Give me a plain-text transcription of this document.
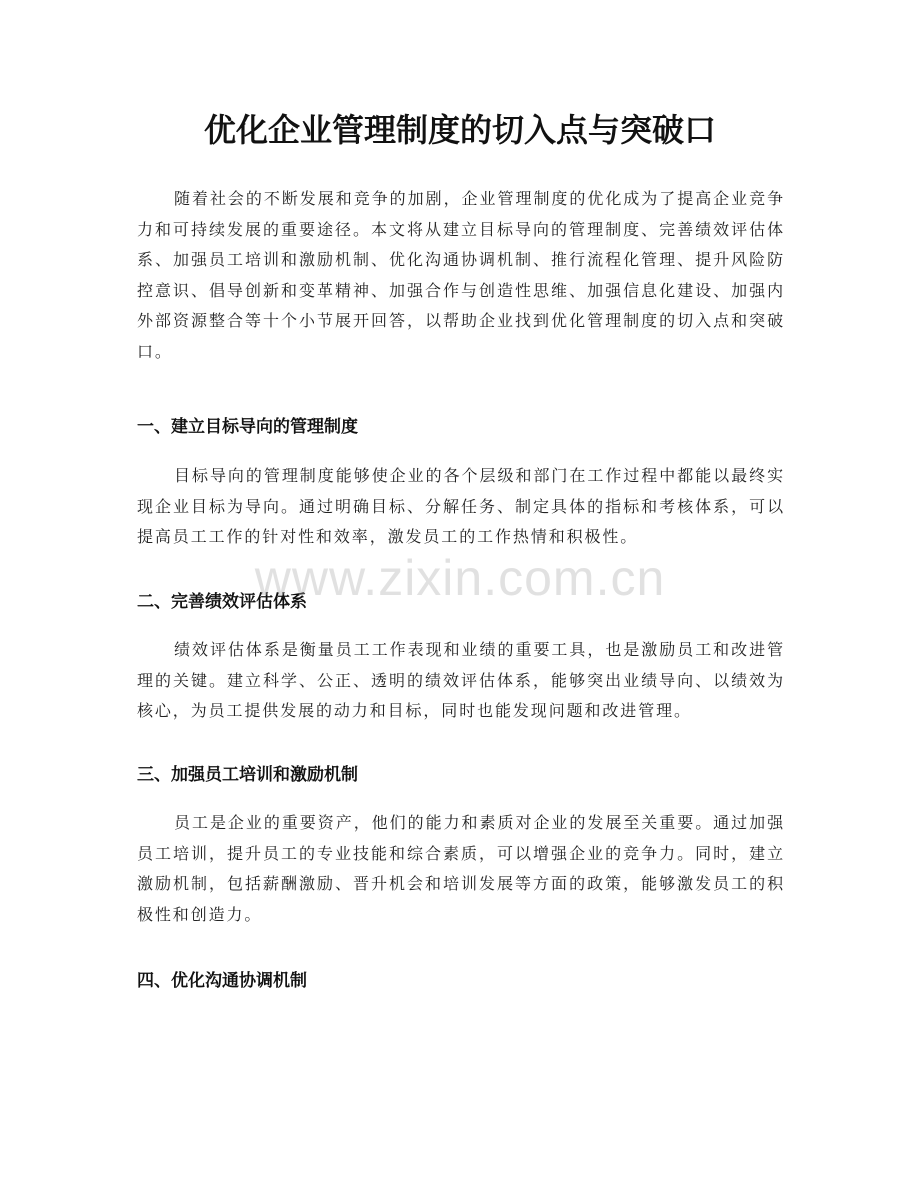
优化企业管理制度的切入点与突破口

随着社会的不断发展和竞争的加剧，企业管理制度的优化成为了提高企业竞争力和可持续发展的重要途径。本文将从建立目标导向的管理制度、完善绩效评估体系、加强员工培训和激励机制、优化沟通协调机制、推行流程化管理、提升风险防控意识、倡导创新和变革精神、加强合作与创造性思维、加强信息化建设、加强内外部资源整合等十个小节展开回答，以帮助企业找到优化管理制度的切入点和突破口。

一、建立目标导向的管理制度

目标导向的管理制度能够使企业的各个层级和部门在工作过程中都能以最终实现企业目标为导向。通过明确目标、分解任务、制定具体的指标和考核体系，可以提高员工工作的针对性和效率，激发员工的工作热情和积极性。

二、完善绩效评估体系

绩效评估体系是衡量员工工作表现和业绩的重要工具，也是激励员工和改进管理的关键。建立科学、公正、透明的绩效评估体系，能够突出业绩导向、以绩效为核心，为员工提供发展的动力和目标，同时也能发现问题和改进管理。

三、加强员工培训和激励机制

员工是企业的重要资产，他们的能力和素质对企业的发展至关重要。通过加强员工培训，提升员工的专业技能和综合素质，可以增强企业的竞争力。同时，建立激励机制，包括薪酬激励、晋升机会和培训发展等方面的政策，能够激发员工的积极性和创造力。

四、优化沟通协调机制
www.zixin.com.cn
